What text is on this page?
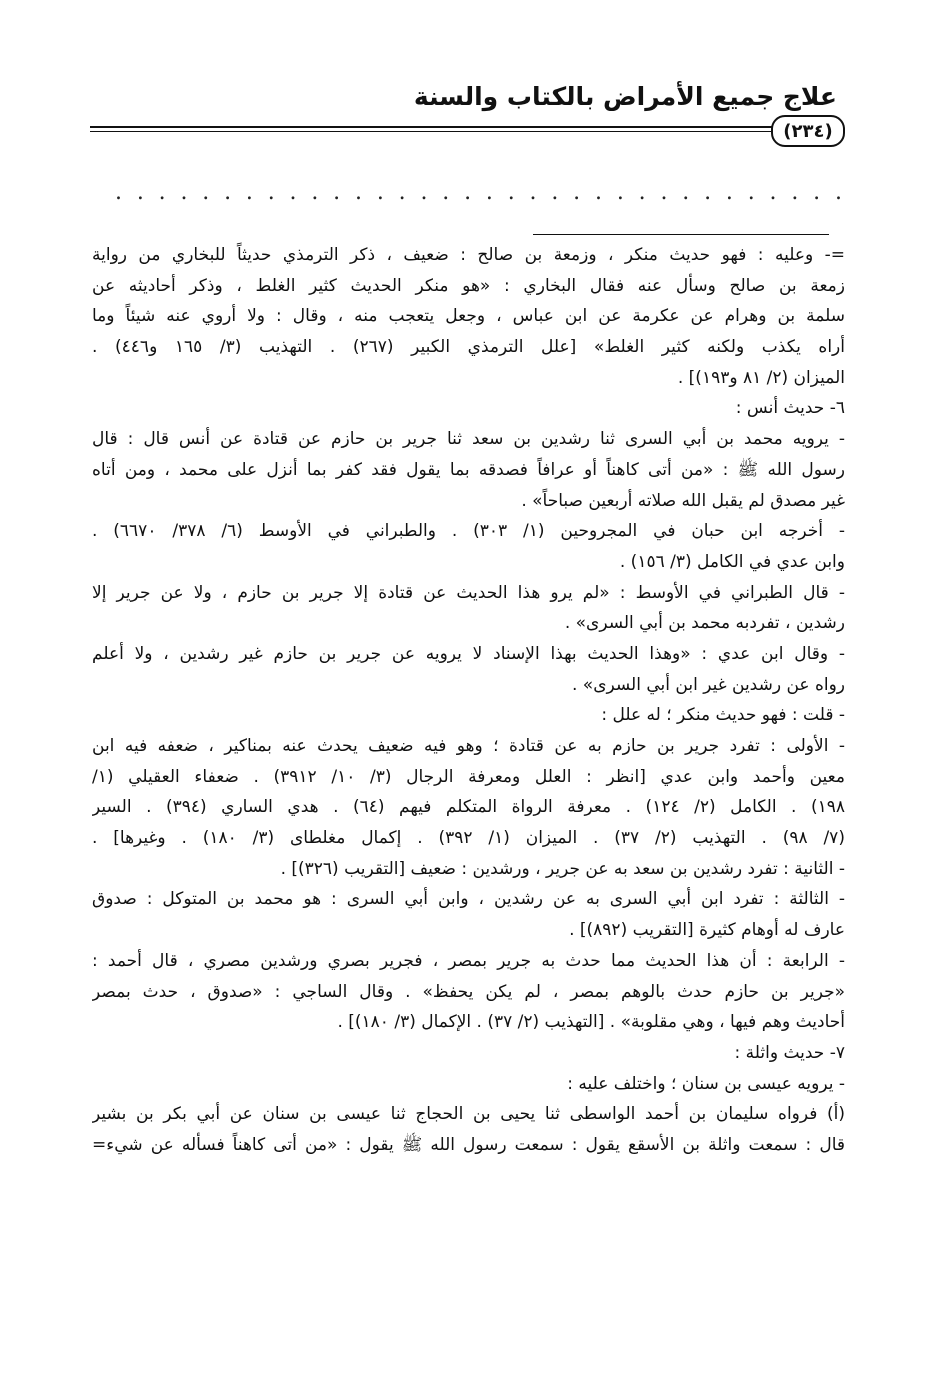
علاج جميع الأمراض بالكتاب والسنة
(٢٣٤)
. . . . . . . . . . . . . . . . . . . . . . . . . . . . . . . . . .
=- وعليه : فهو حديث منكر ، وزمعة بن صالح : ضعيف ، ذكر الترمذي حديثاً للبخاري من رواية
زمعة بن صالح وسأل عنه فقال البخاري : «هو منكر الحديث كثير الغلط ، وذكر أحاديثه عن
سلمة بن وهرام عن عكرمة عن ابن عباس ، وجعل يتعجب منه ، وقال : ولا أروي عنه شيئاً وما
أراه يكذب ولكنه كثير الغلط» [علل الترمذي الكبير (٢٦٧) . التهذيب (٣/ ١٦٥ و٤٤٦) .
الميزان (٢/ ٨١ و١٩٣)] .
٦- حديث أنس :
- يرويه محمد بن أبي السرى ثنا رشدين بن سعد ثنا جرير بن حازم عن قتادة عن أنس قال : قال
رسول الله ﷺ : «من أتى كاهناً أو عرافاً فصدقه بما يقول فقد كفر بما أنزل على محمد ، ومن أتاه
غير مصدق لم يقبل الله صلاته أربعين صباحاً» .
- أخرجه ابن حبان في المجروحين (١/ ٣٠٣) . والطبراني في الأوسط (٦/ ٣٧٨/ ٦٦٧٠) .
وابن عدي في الكامل (٣/ ١٥٦) .
- قال الطبراني في الأوسط : «لم يرو هذا الحديث عن قتادة إلا جرير بن حازم ، ولا عن جرير إلا
رشدين ، تفردبه محمد بن أبي السرى» .
- وقال ابن عدي : «وهذا الحديث بهذا الإسناد لا يرويه عن جرير بن حازم غير رشدين ، ولا أعلم
رواه عن رشدين غير ابن أبي السرى» .
- قلت : فهو حديث منكر ؛ له علل :
- الأولى : تفرد جرير بن حازم به عن قتادة ؛ وهو فيه ضعيف يحدث عنه بمناكير ، ضعفه فيه ابن
معين وأحمد وابن عدي [انظر : العلل ومعرفة الرجال (٣/ ١٠/ ٣٩١٢) . ضعفاء العقيلي (١/
١٩٨) . الكامل (٢/ ١٢٤) . معرفة الرواة المتكلم فيهم (٦٤) . هدي الساري (٣٩٤) . السير
(٧/ ٩٨) . التهذيب (٢/ ٣٧) . الميزان (١/ ٣٩٢) . إكمال مغلطاى (٣/ ١٨٠) . وغيرها] .
- الثانية : تفرد رشدين بن سعد به عن جرير ، ورشدين : ضعيف [التقريب (٣٢٦)] .
- الثالثة : تفرد ابن أبي السرى به عن رشدين ، وابن أبي السرى : هو محمد بن المتوكل : صدوق
عارف له أوهام كثيرة [التقريب (٨٩٢)] .
- الرابعة : أن هذا الحديث مما حدث به جرير بمصر ، فجرير بصري ورشدين مصري ، قال أحمد :
«جرير بن حازم حدث بالوهم بمصر ، لم يكن يحفظ» . وقال الساجي : «صدوق ، حدث بمصر
أحاديث وهم فيها ، وهي مقلوبة» . [التهذيب (٢/ ٣٧) . الإكمال (٣/ ١٨٠)] .
٧- حديث واثلة :
- يرويه عيسى بن سنان ؛ واختلف عليه :
(أ) فرواه سليمان بن أحمد الواسطى ثنا يحيى بن الحجاج ثنا عيسى بن سنان عن أبي بكر بن بشير
قال : سمعت واثلة بن الأسقع يقول : سمعت رسول الله ﷺ يقول : «من أتى كاهناً فسأله عن شيء=
